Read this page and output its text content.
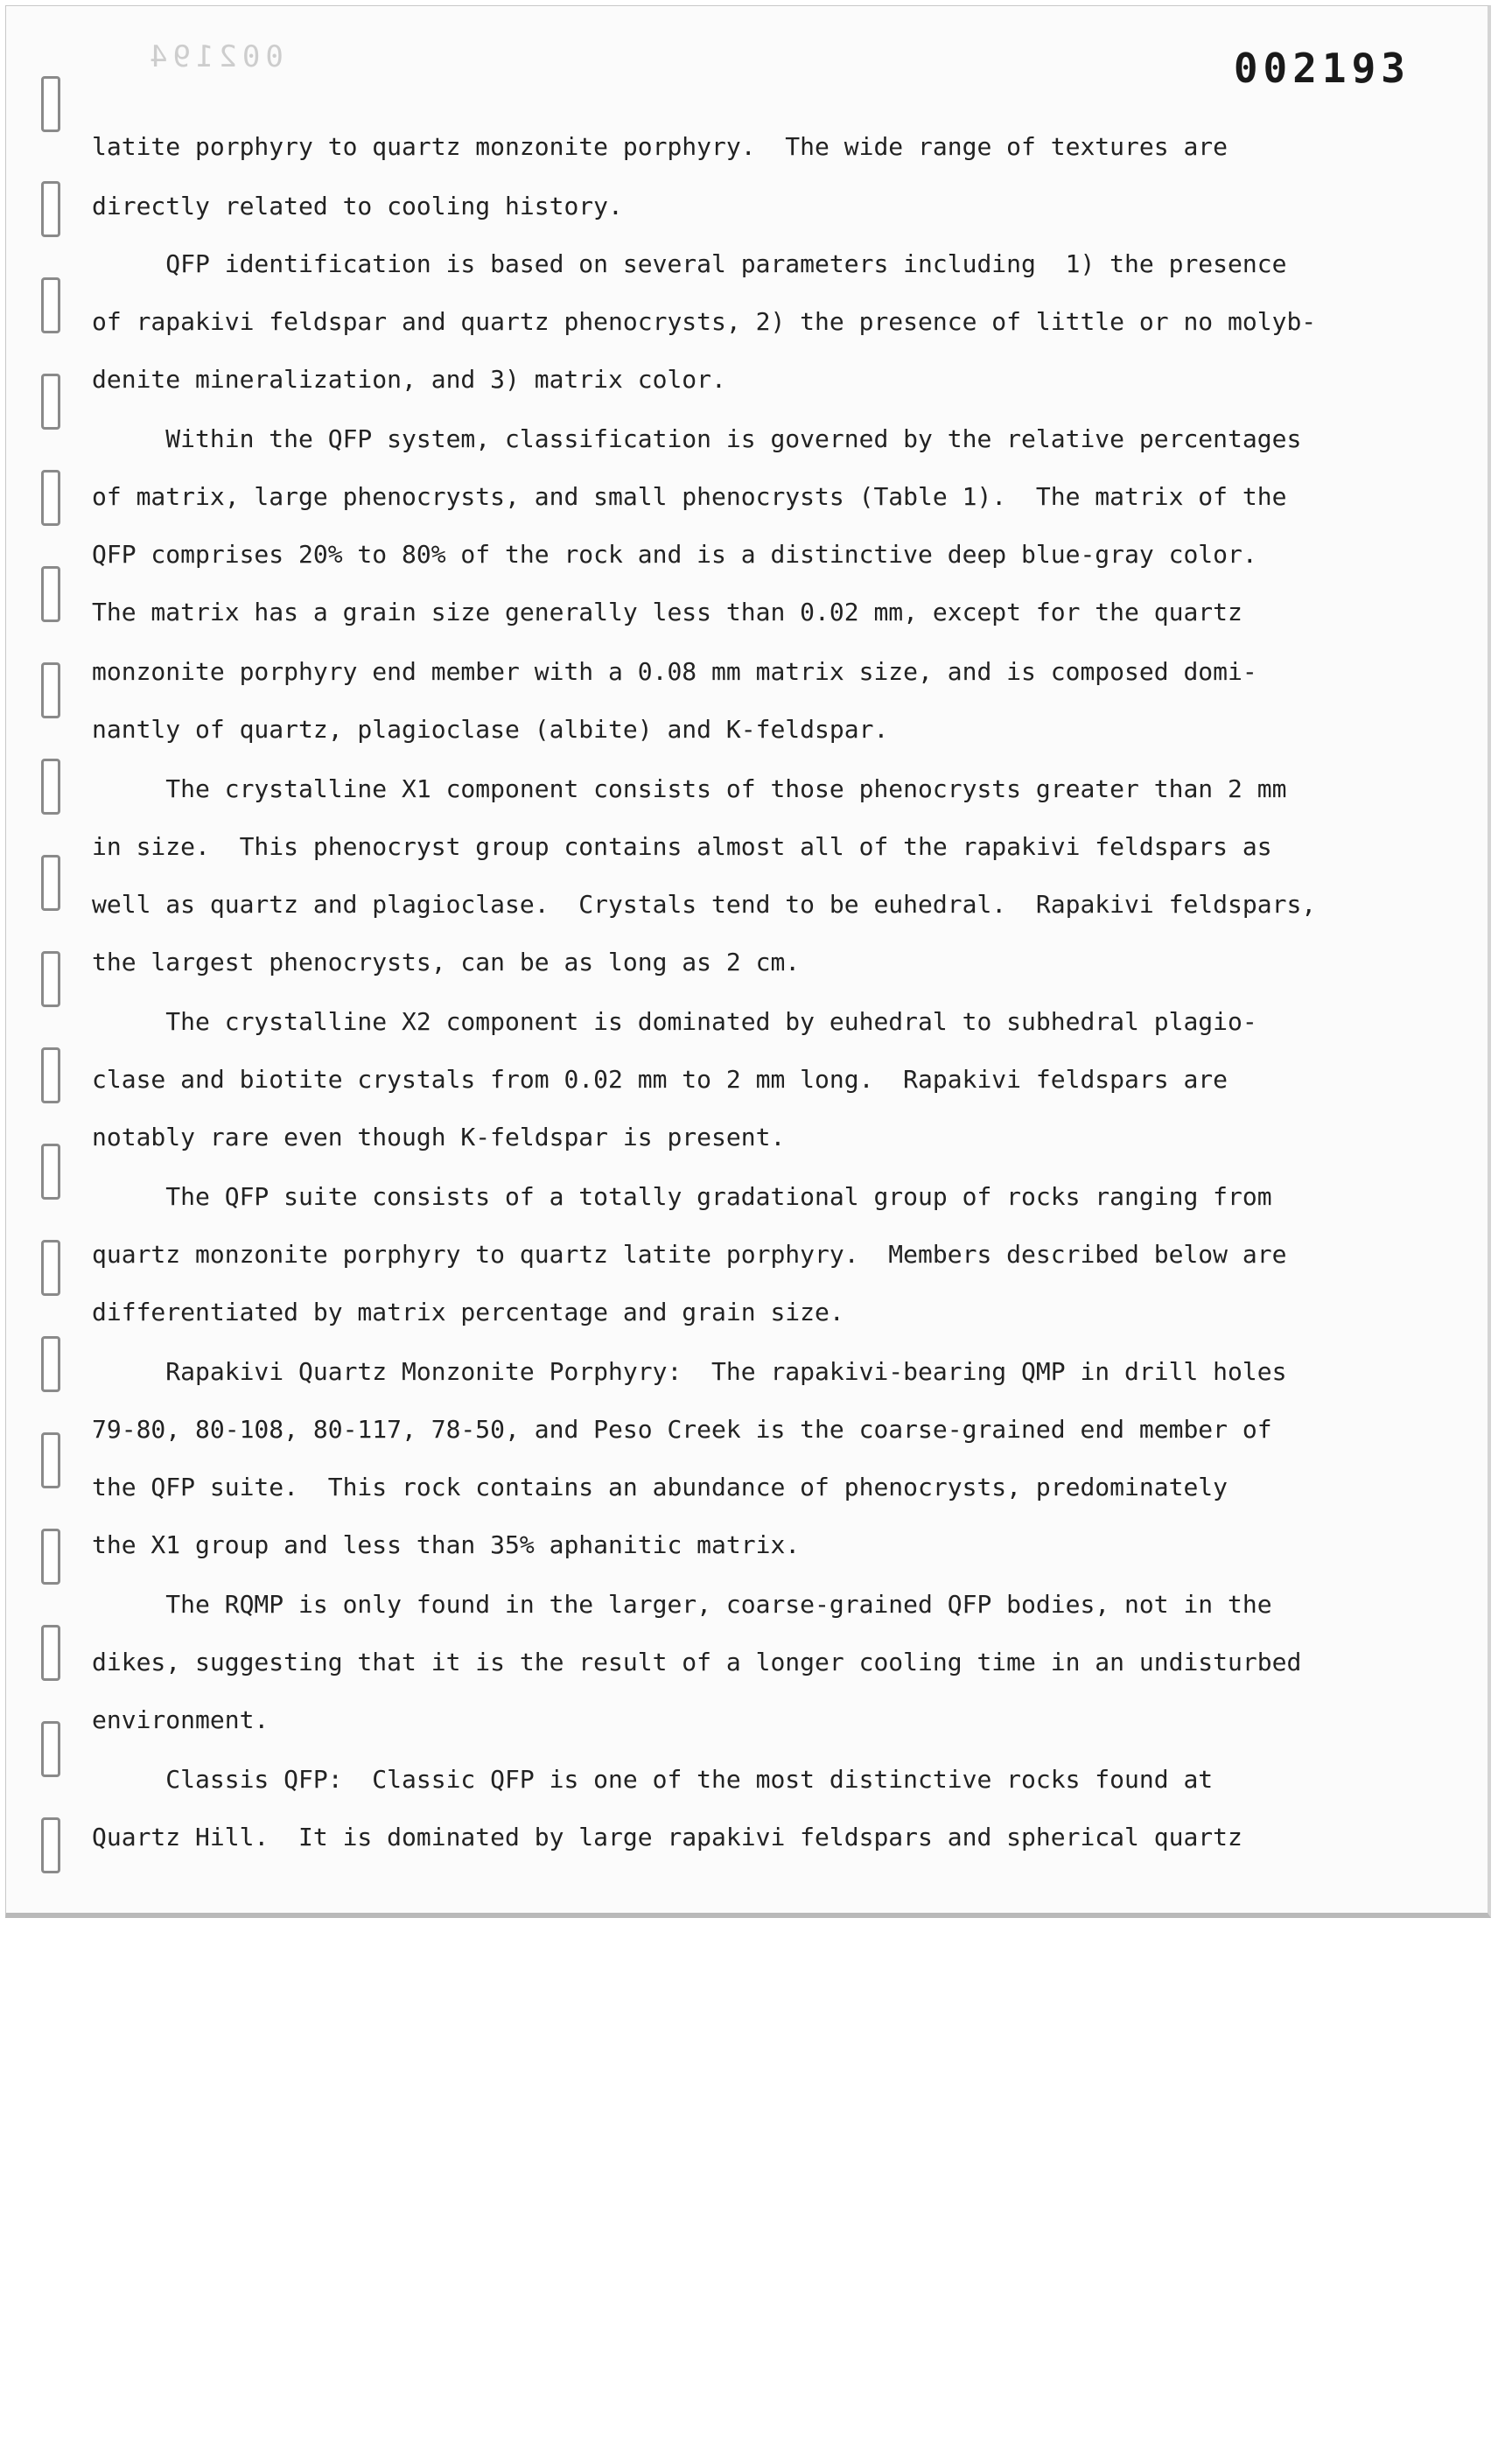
002194	002193
latite porphyry to quartz monzonite porphyry.  The wide range of textures are
directly related to cooling history.
QFP identification is based on several parameters including  1) the presence
of rapakivi feldspar and quartz phenocrysts, 2) the presence of little or no molyb-
denite mineralization, and 3) matrix color.
Within the QFP system, classification is governed by the relative percentages
of matrix, large phenocrysts, and small phenocrysts (Table 1).  The matrix of the
QFP comprises 20% to 80% of the rock and is a distinctive deep blue-gray color.
The matrix has a grain size generally less than 0.02 mm, except for the quartz
monzonite porphyry end member with a 0.08 mm matrix size, and is composed domi-
nantly of quartz, plagioclase (albite) and K-feldspar.
The crystalline X1 component consists of those phenocrysts greater than 2 mm
in size.  This phenocryst group contains almost all of the rapakivi feldspars as
well as quartz and plagioclase.  Crystals tend to be euhedral.  Rapakivi feldspars,
the largest phenocrysts, can be as long as 2 cm.
The crystalline X2 component is dominated by euhedral to subhedral plagio-
clase and biotite crystals from 0.02 mm to 2 mm long.  Rapakivi feldspars are
notably rare even though K-feldspar is present.
The QFP suite consists of a totally gradational group of rocks ranging from
quartz monzonite porphyry to quartz latite porphyry.  Members described below are
differentiated by matrix percentage and grain size.
Rapakivi Quartz Monzonite Porphyry:  The rapakivi-bearing QMP in drill holes
79-80, 80-108, 80-117, 78-50, and Peso Creek is the coarse-grained end member of
the QFP suite.  This rock contains an abundance of phenocrysts, predominately
the X1 group and less than 35% aphanitic matrix.
The RQMP is only found in the larger, coarse-grained QFP bodies, not in the
dikes, suggesting that it is the result of a longer cooling time in an undisturbed
environment.
Classis QFP:  Classic QFP is one of the most distinctive rocks found at
Quartz Hill.  It is dominated by large rapakivi feldspars and spherical quartz
